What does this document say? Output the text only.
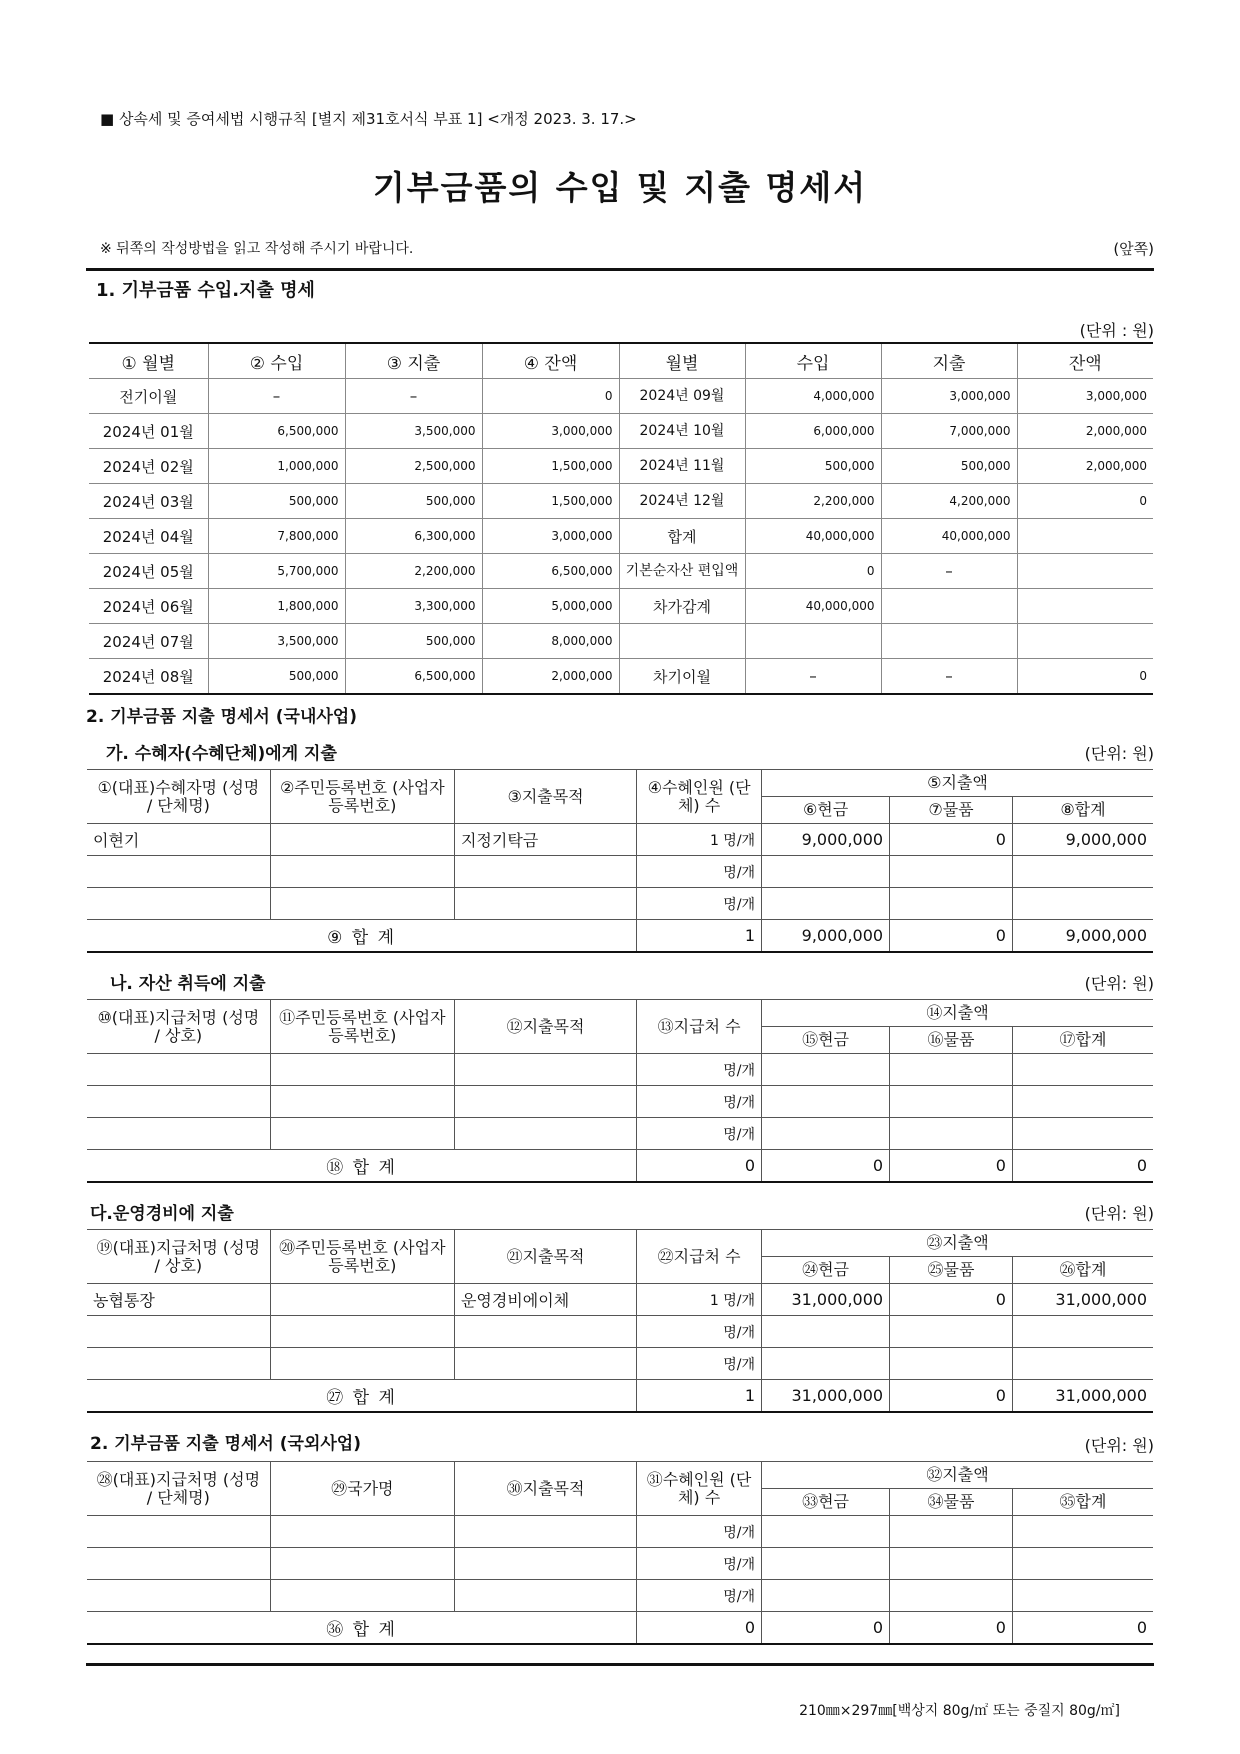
■ 상속세 및 증여세법 시행규칙 [별지 제31호서식 부표 1] <개정 2023. 3. 17.>
기부금품의 수입 및 지출 명세서
※ 뒤쪽의 작성방법을 읽고 작성해 주시기 바랍니다.	(앞쪽)
1. 기부금품 수입.지출 명세
(단위 : 원)
① 월별	② 수입	③ 지출	④ 잔액	월별	수입	지출	잔액
전기이월	–	–	0	2024년 09월	4,000,000	3,000,000	3,000,000
2024년 01월	6,500,000	3,500,000	3,000,000	2024년 10월	6,000,000	7,000,000	2,000,000
2024년 02월	1,000,000	2,500,000	1,500,000	2024년 11월	500,000	500,000	2,000,000
2024년 03월	500,000	500,000	1,500,000	2024년 12월	2,200,000	4,200,000	0
2024년 04월	7,800,000	6,300,000	3,000,000	합계	40,000,000	40,000,000	
2024년 05월	5,700,000	2,200,000	6,500,000	기본순자산 편입액	0	–	
2024년 06월	1,800,000	3,300,000	5,000,000	차가감계	40,000,000		
2024년 07월	3,500,000	500,000	8,000,000				
2024년 08월	500,000	6,500,000	2,000,000	차기이월	–	–	0
2. 기부금품 지출 명세서 (국내사업)
가. 수혜자(수혜단체)에게 지출	(단위: 원)
①(대표)수혜자명 (성명 / 단체명)	②주민등록번호 (사업자등록번호)	③지출목적	④수혜인원 (단체) 수	⑤지출액		
				⑥현금	⑦물품	⑧합계
이현기		지정기탁금	1 명/개	9,000,000	0	9,000,000
			명/개			
			명/개			
⑨ 합 계			1	9,000,000	0	9,000,000
나. 자산 취득에 지출	(단위: 원)
⑩(대표)지급처명 (성명 / 상호)	⑪주민등록번호 (사업자등록번호)	⑫지출목적	⑬지급처 수	⑭지출액		
				⑮현금	⑯물품	⑰합계
			명/개			
			명/개			
			명/개			
⑱ 합 계			0	0	0	0
다.운영경비에 지출	(단위: 원)
⑲(대표)지급처명 (성명 / 상호)	⑳주민등록번호 (사업자등록번호)	㉑지출목적	㉒지급처 수	㉓지출액		
				㉔현금	㉕물품	㉖합계
농협통장		운영경비에이체	1 명/개	31,000,000	0	31,000,000
			명/개			
			명/개			
㉗ 합 계			1	31,000,000	0	31,000,000
2. 기부금품 지출 명세서 (국외사업)	(단위: 원)
㉘(대표)지급처명 (성명 / 단체명)	㉙국가명	㉚지출목적	㉛수혜인원 (단체) 수	㉜지출액		
				㉝현금	㉞물품	㉟합계
			명/개			
			명/개			
			명/개			
㊱ 합 계			0	0	0	0
210㎜×297㎜[백상지 80g/㎡ 또는 중질지 80g/㎡]
